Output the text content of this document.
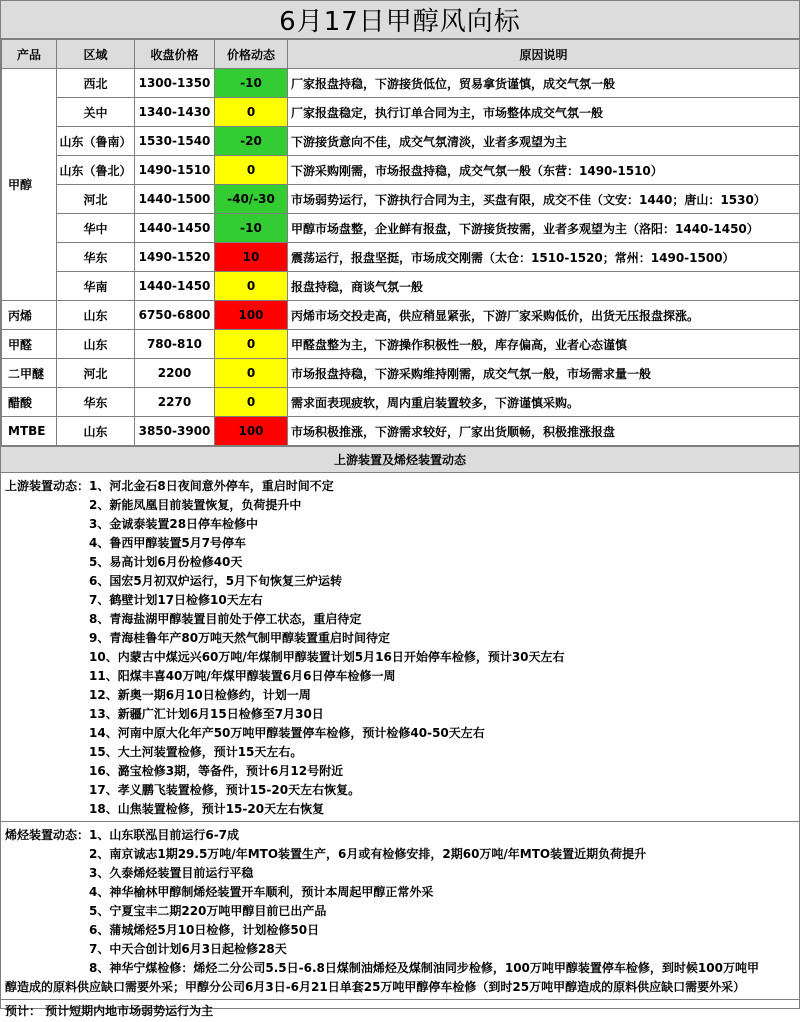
6月17日甲醇风向标
产品	区域	收盘价格	价格动态	原因说明
甲醇	西北	1300-1350	-10	厂家报盘持稳，下游接货低位，贸易拿货谨慎，成交气氛一般
	关中	1340-1430	0	厂家报盘稳定，执行订单合同为主，市场整体成交气氛一般
	山东（鲁南）	1530-1540	-20	下游接货意向不佳，成交气氛清淡，业者多观望为主
	山东（鲁北）	1490-1510	0	下游采购刚需，市场报盘持稳，成交气氛一般（东营：1490-1510）
	河北	1440-1500	-40/-30	市场弱势运行，下游执行合同为主，买盘有限，成交不佳（文安：1440；唐山：1530）
	华中	1440-1450	-10	甲醇市场盘整，企业鲜有报盘，下游接货按需，业者多观望为主（洛阳：1440-1450）
	华东	1490-1520	10	震荡运行，报盘坚挺，市场成交刚需（太仓：1510-1520；常州：1490-1500）
	华南	1440-1450	0	报盘持稳，商谈气氛一般
丙烯	山东	6750-6800	100	丙烯市场交投走高，供应稍显紧张，下游厂家采购低价，出货无压报盘探涨。
甲醛	山东	780-810	0	甲醛盘整为主，下游操作积极性一般，库存偏高，业者心态谨慎
二甲醚	河北	2200	0	市场报盘持稳，下游采购维持刚需，成交气氛一般，市场需求量一般
醋酸	华东	2270	0	需求面表现疲软，周内重启装置较多，下游谨慎采购。
MTBE	山东	3850-3900	100	市场积极推涨，下游需求较好，厂家出货顺畅，积极推涨报盘
上游装置及烯烃装置动态
上游装置动态：1、河北金石8日夜间意外停车，重启时间不定
2、新能凤凰目前装置恢复，负荷提升中
3、金诚泰装置28日停车检修中
4、鲁西甲醇装置5月7号停车
5、易高计划6月份检修40天
6、国宏5月初双炉运行，5月下旬恢复三炉运转
7、鹤壁计划17日检修10天左右
8、青海盐湖甲醇装置目前处于停工状态，重启待定
9、青海桂鲁年产80万吨天然气制甲醇装置重启时间待定
10、内蒙古中煤远兴60万吨/年煤制甲醇装置计划5月16日开始停车检修，预计30天左右
11、阳煤丰喜40万吨/年煤甲醇装置6月6日停车检修一周
12、新奥一期6月10日检修约，计划一周
13、新疆广汇计划6月15日检修至7月30日
14、河南中原大化年产50万吨甲醇装置停车检修，预计检修40-50天左右
15、大土河装置检修，预计15天左右。
16、潞宝检修3期，等备件，预计6月12号附近
17、孝义鹏飞装置检修，预计15-20天左右恢复。
18、山焦装置检修，预计15-20天左右恢复
烯烃装置动态：1、山东联泓目前运行6-7成
2、南京诚志1期29.5万吨/年MTO装置生产，6月或有检修安排，2期60万吨/年MTO装置近期负荷提升
3、久泰烯烃装置目前运行平稳
4、神华榆林甲醇制烯烃装置开车顺利，预计本周起甲醇正常外采
5、宁夏宝丰二期220万吨甲醇目前已出产品
6、蒲城烯烃5月10日检修，计划检修50日
7、中天合创计划6月3日起检修28天
8、神华宁煤检修：烯烃二分公司5.5日-6.8日煤制油烯烃及煤制油同步检修，100万吨甲醇装置停车检修，到时候100万吨甲
醇造成的原料供应缺口需要外采；甲醇分公司6月3日-6月21日单套25万吨甲醇停车检修（到时25万吨甲醇造成的原料供应缺口需要外采）
预计： 预计短期内地市场弱势运行为主
